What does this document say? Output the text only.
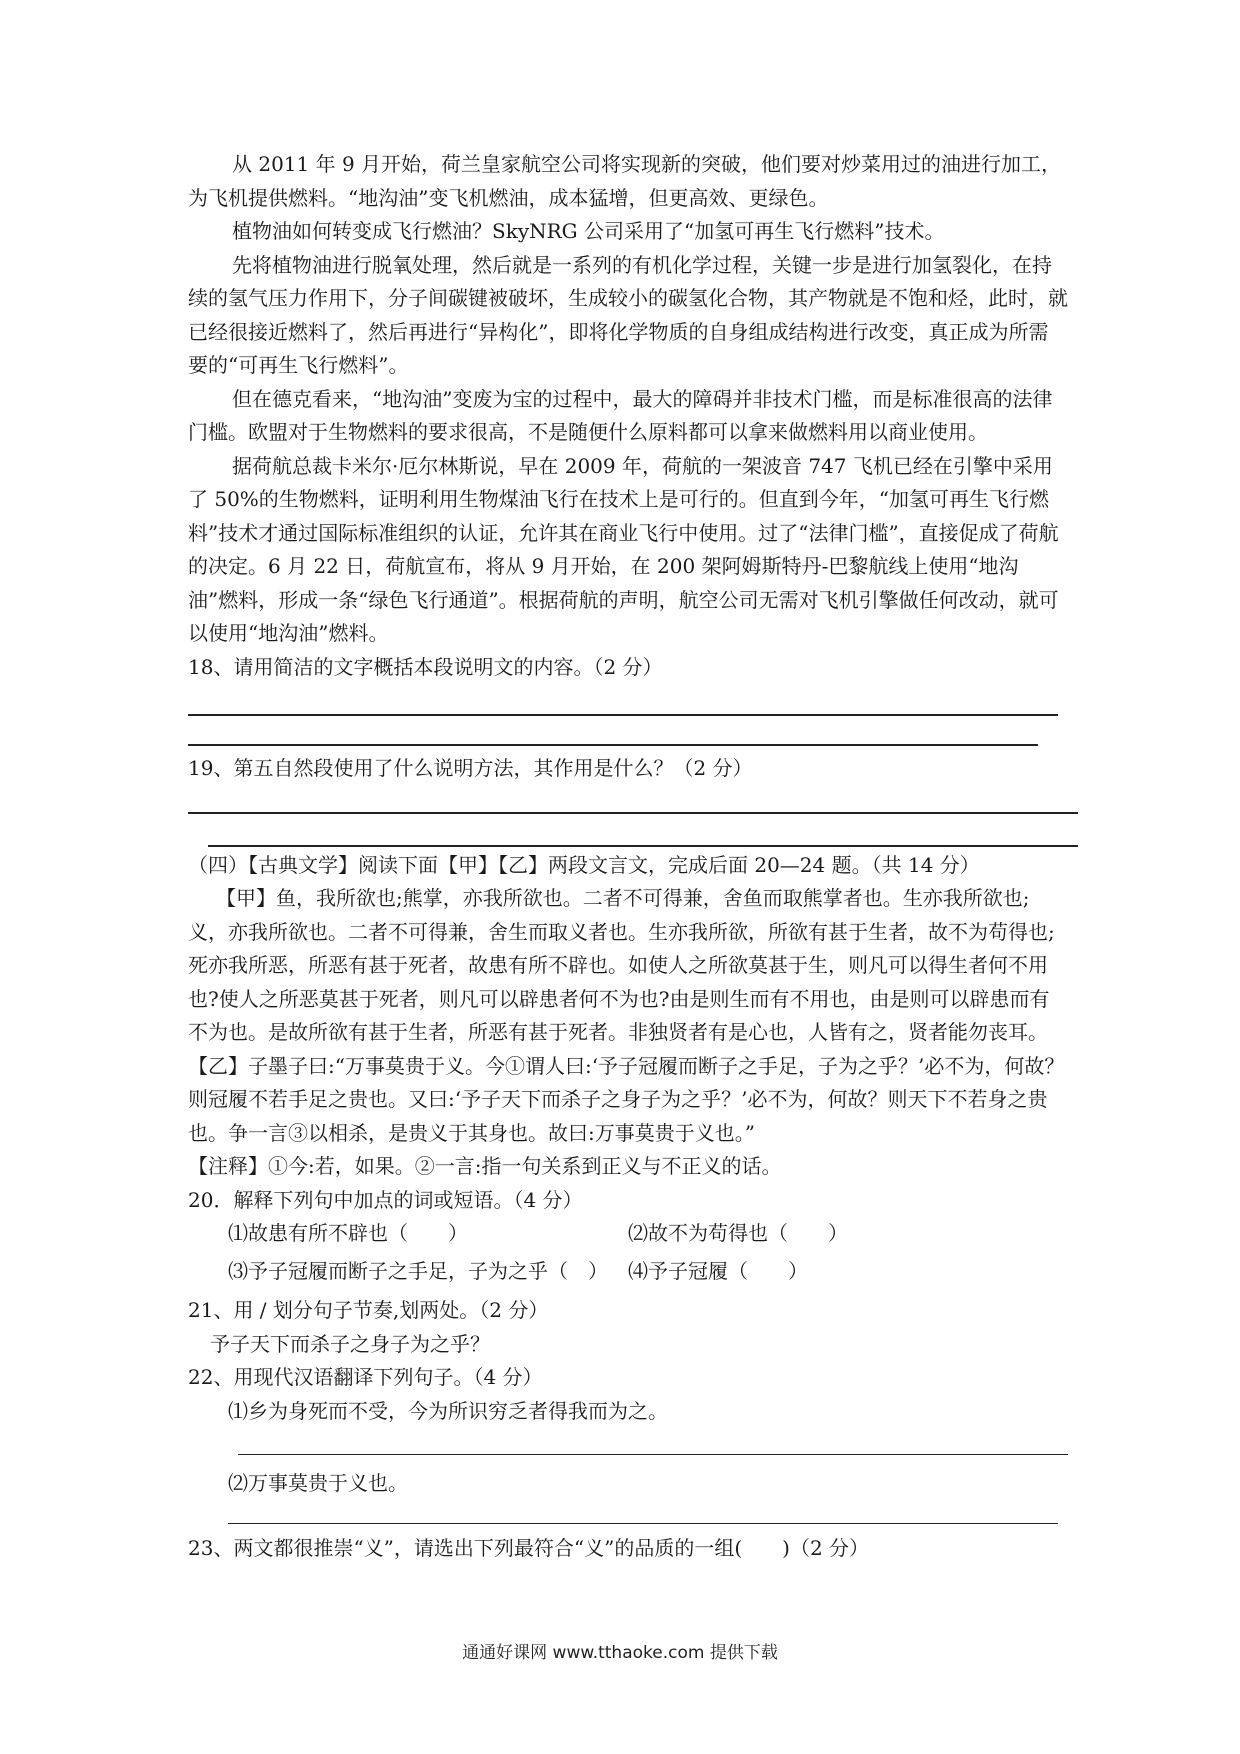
从 2011 年 9 月开始，荷兰皇家航空公司将实现新的突破，他们要对炒菜用过的油进行加工，为飞机提供燃料。“地沟油”变飞机燃油，成本猛增，但更高效、更绿色。

植物油如何转变成飞行燃油？SkyNRG 公司采用了“加氢可再生飞行燃料”技术。

先将植物油进行脱氧处理，然后就是一系列的有机化学过程，关键一步是进行加氢裂化，在持续的氢气压力作用下，分子间碳键被破坏，生成较小的碳氢化合物，其产物就是不饱和烃，此时，就已经很接近燃料了，然后再进行“异构化”，即将化学物质的自身组成结构进行改变，真正成为所需要的“可再生飞行燃料”。

但在德克看来，“地沟油”变废为宝的过程中，最大的障碍并非技术门槛，而是标准很高的法律门槛。欧盟对于生物燃料的要求很高，不是随便什么原料都可以拿来做燃料用以商业使用。

据荷航总裁卡米尔·厄尔林斯说，早在 2009 年，荷航的一架波音 747 飞机已经在引擎中采用了 50%的生物燃料，证明利用生物煤油飞行在技术上是可行的。但直到今年，“加氢可再生飞行燃料”技术才通过国际标准组织的认证，允许其在商业飞行中使用。过了“法律门槛”，直接促成了荷航的决定。6 月 22 日，荷航宣布，将从 9 月开始，在 200 架阿姆斯特丹-巴黎航线上使用“地沟油”燃料，形成一条“绿色飞行通道”。根据荷航的声明，航空公司无需对飞机引擎做任何改动，就可以使用“地沟油”燃料。

18、请用简洁的文字概括本段说明文的内容。（2 分）

19、第五自然段使用了什么说明方法，其作用是什么？（2 分）

（四）【古典文学】阅读下面【甲】【乙】两段文言文，完成后面 20—24 题。（共 14 分）

【甲】鱼，我所欲也;熊掌，亦我所欲也。二者不可得兼，舍鱼而取熊掌者也。生亦我所欲也;义，亦我所欲也。二者不可得兼，舍生而取义者也。生亦我所欲，所欲有甚于生者，故不为苟得也;死亦我所恶，所恶有甚于死者，故患有所不辟也。如使人之所欲莫甚于生，则凡可以得生者何不用也?使人之所恶莫甚于死者，则凡可以辟患者何不为也?由是则生而有不用也，由是则可以辟患而有不为也。是故所欲有甚于生者，所恶有甚于死者。非独贤者有是心也，人皆有之，贤者能勿丧耳。

【乙】子墨子曰:“万事莫贵于义。今①谓人曰:‘予子冠履而断子之手足，子为之乎？’必不为，何故？则冠履不若手足之贵也。又曰:‘予子天下而杀子之身子为之乎？’必不为，何故？则天下不若身之贵也。争一言③以相杀，是贵义于其身也。故曰:万事莫贵于义也。”

【注释】①今:若，如果。②一言:指一句关系到正义与不正义的话。

20．解释下列句中加点的词或短语。（4 分）

⑴故患有所不辟也（　　）	⑵故不为苟得也（　　）
⑶予子冠履而断子之手足，子为之乎（　）	⑷予子冠履（　　）

21、用 / 划分句子节奏,划两处。（2 分）

予子天下而杀子之身子为之乎？

22、用现代汉语翻译下列句子。（4 分）

⑴乡为身死而不受，今为所识穷乏者得我而为之。

⑵万事莫贵于义也。

23、两文都很推崇“义”，请选出下列最符合“义”的品质的一组(　　)（2 分）

通通好课网 www.tthaoke.com 提供下载
